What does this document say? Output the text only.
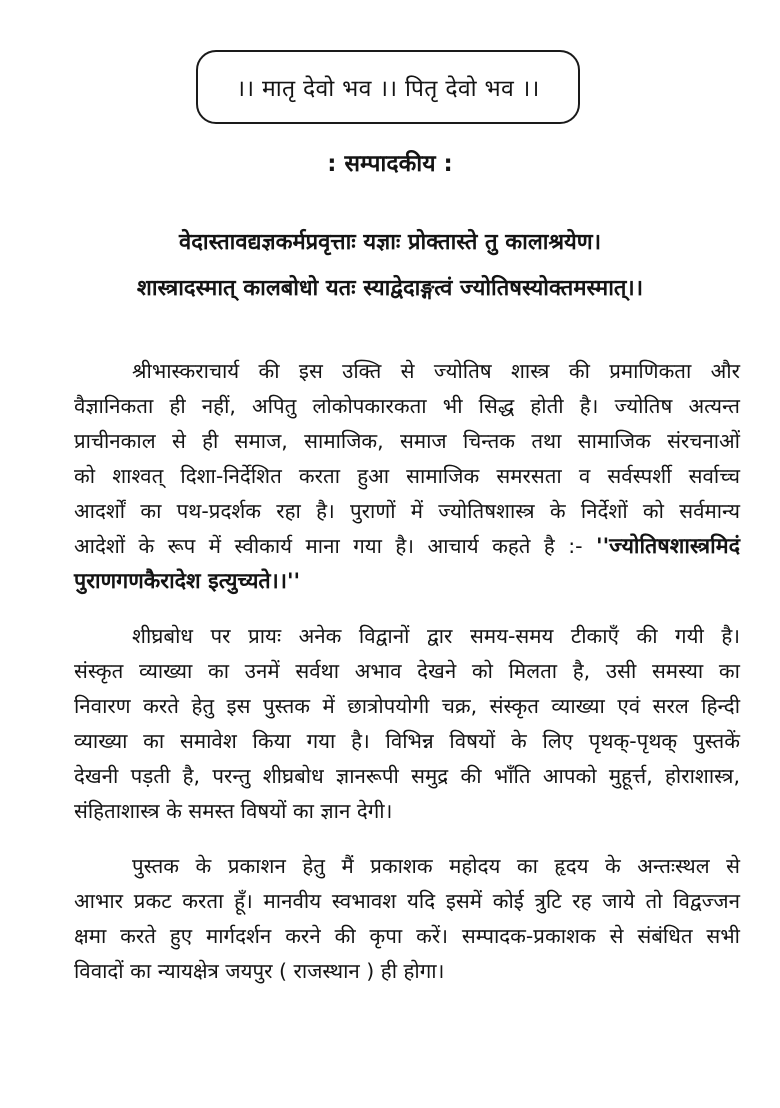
।। मातृ देवो भव ।। पितृ देवो भव ।।
: सम्पादकीय :
वेदास्तावद्यज्ञकर्मप्रवृत्ताः यज्ञाः प्रोक्तास्ते तु कालाश्रयेण।
शास्त्रादस्मात् कालबोधो यतः स्याद्वेदाङ्गत्वं ज्योतिषस्योक्तमस्मात्।।
श्रीभास्कराचार्य की इस उक्ति से ज्योतिष शास्त्र की प्रमाणिकता और
वैज्ञानिकता ही नहीं, अपितु लोकोपकारकता भी सिद्ध होती है। ज्योतिष अत्यन्त
प्राचीनकाल से ही समाज, सामाजिक, समाज चिन्तक तथा सामाजिक संरचनाओं
को शाश्वत् दिशा-निर्देशित करता हुआ सामाजिक समरसता व सर्वस्पर्शी सर्वाच्च
आदर्शों का पथ-प्रदर्शक रहा है। पुराणों में ज्योतिषशास्त्र के निर्देशों को सर्वमान्य
आदेशों के रूप में स्वीकार्य माना गया है। आचार्य कहते है :- ''ज्योतिषशास्त्रमिदं
पुराणगणकैरादेश इत्युच्यते।।''
शीघ्रबोध पर प्रायः अनेक विद्वानों द्वार समय-समय टीकाएँ की गयी है।
संस्कृत व्याख्या का उनमें सर्वथा अभाव देखने को मिलता है, उसी समस्या का
निवारण करते हेतु इस पुस्तक में छात्रोपयोगी चक्र, संस्कृत व्याख्या एवं सरल हिन्दी
व्याख्या का समावेश किया गया है। विभिन्न विषयों के लिए पृथक्-पृथक् पुस्तकें
देखनी पड़ती है, परन्तु शीघ्रबोध ज्ञानरूपी समुद्र की भाँति आपको मुहूर्त्त, होराशास्त्र,
संहिताशास्त्र के समस्त विषयों का ज्ञान देगी।
पुस्तक के प्रकाशन हेतु मैं प्रकाशक महोदय का हृदय के अन्तःस्थल से
आभार प्रकट करता हूँ। मानवीय स्वभावश यदि इसमें कोई त्रुटि रह जाये तो विद्वज्जन
क्षमा करते हुए मार्गदर्शन करने की कृपा करें। सम्पादक-प्रकाशक से संबंधित सभी
विवादों का न्यायक्षेत्र जयपुर ( राजस्थान ) ही होगा।
